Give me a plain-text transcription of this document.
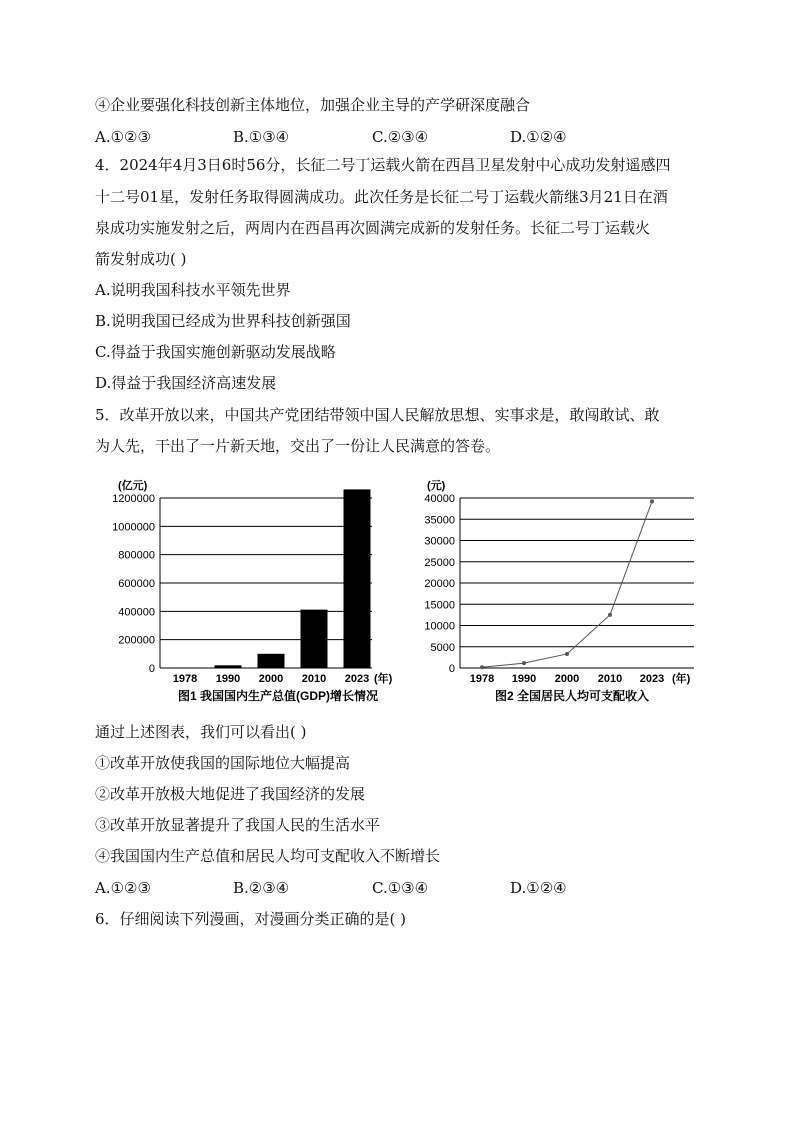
④企业要强化科技创新主体地位，加强企业主导的产学研深度融合

A.①②③	B.①③④	C.②③④	D.①②④

4．2024年4月3日6时56分，长征二号丁运载火箭在西昌卫星发射中心成功发射遥感四

十二号01星，发射任务取得圆满成功。此次任务是长征二号丁运载火箭继3月21日在酒

泉成功实施发射之后，两周内在西昌再次圆满完成新的发射任务。长征二号丁运载火

箭发射成功( )

A.说明我国科技水平领先世界

B.说明我国已经成为世界科技创新强国

C.得益于我国实施创新驱动发展战略

D.得益于我国经济高速发展

5．改革开放以来，中国共产党团结带领中国人民解放思想、实事求是，敢闯敢试、敢

为人先，干出了一片新天地，交出了一份让人民满意的答卷。

0
200000
400000
600000
800000
1000000
1200000
(亿元)
1978 1990 2000 2010 2023 (年)
图1 我国国内生产总值(GDP)增长情况
0
5000
10000
15000
20000
25000
30000
35000
40000
(元)
1978 1990 2000 2010 2023 (年)
图2 全国居民人均可支配收入

通过上述图表，我们可以看出( )

①改革开放使我国的国际地位大幅提高

②改革开放极大地促进了我国经济的发展

③改革开放显著提升了我国人民的生活水平

④我国国内生产总值和居民人均可支配收入不断增长

A.①②③	B.②③④	C.①③④	D.①②④

6．仔细阅读下列漫画，对漫画分类正确的是( )
